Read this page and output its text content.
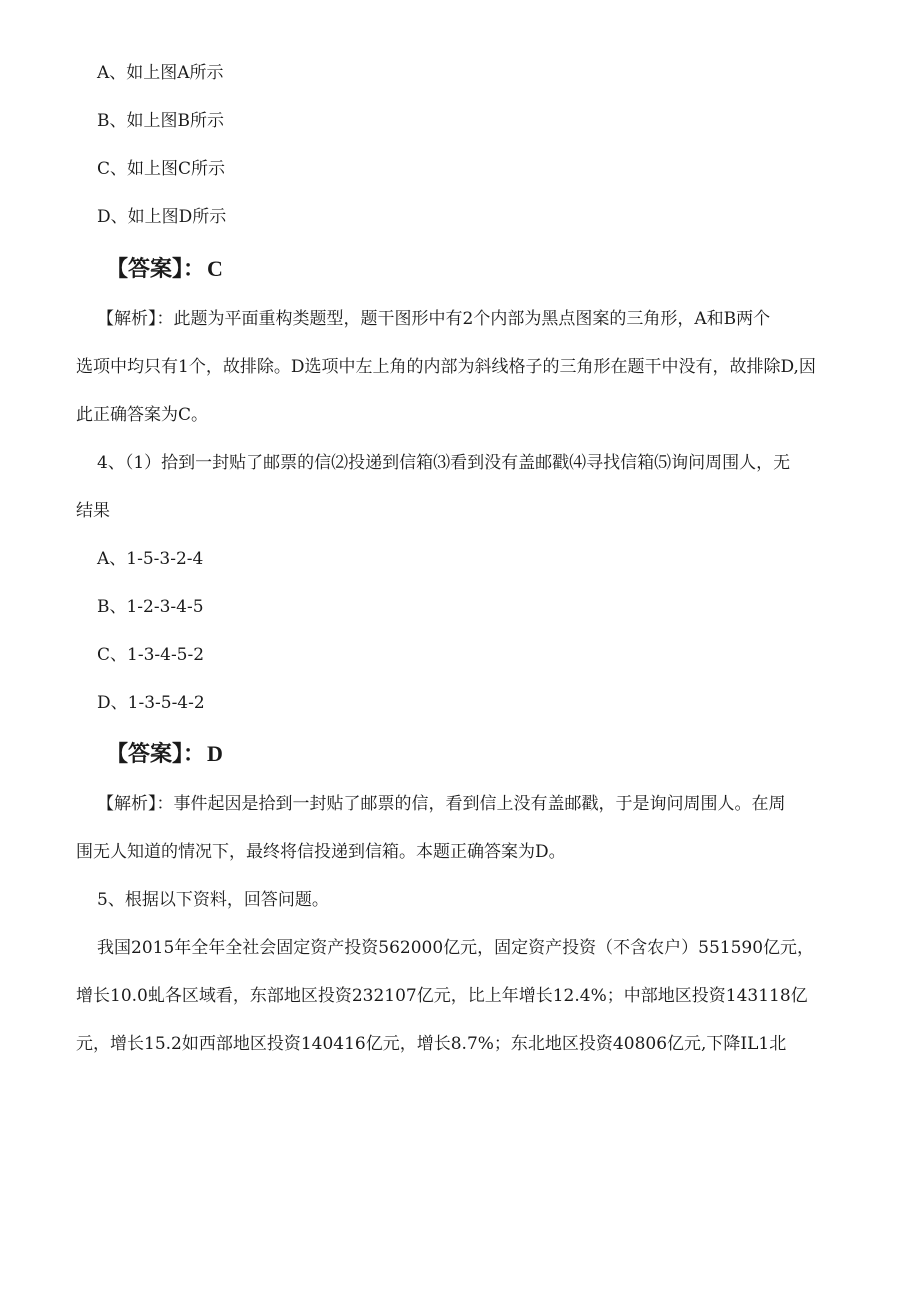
A、如上图A所示
B、如上图B所示
C、如上图C所示
D、如上图D所示
【答案】：C
【解析】：此题为平面重构类题型，题干图形中有2个内部为黑点图案的三角形，A和B两个
选项中均只有1个，故排除。D选项中左上角的内部为斜线格子的三角形在题干中没有，故排除D,因
此正确答案为C。
4、（1）拾到一封贴了邮票的信⑵投递到信箱⑶看到没有盖邮戳⑷寻找信箱⑸询问周围人，无
结果
A、1-5-3-2-4
B、1-2-3-4-5
C、1-3-4-5-2
D、1-3-5-4-2
【答案】：D
【解析】：事件起因是拾到一封贴了邮票的信，看到信上没有盖邮戳，于是询问周围人。在周
围无人知道的情况下，最终将信投递到信箱。本题正确答案为D。
5、根据以下资料，回答问题。
我国2015年全年全社会固定资产投资562000亿元，固定资产投资（不含农户）551590亿元，
增长10.0虬各区域看，东部地区投资232107亿元，比上年增长12.4%；中部地区投资143118亿
元，增长15.2如西部地区投资140416亿元，增长8.7%；东北地区投资40806亿元,下降IL1北
